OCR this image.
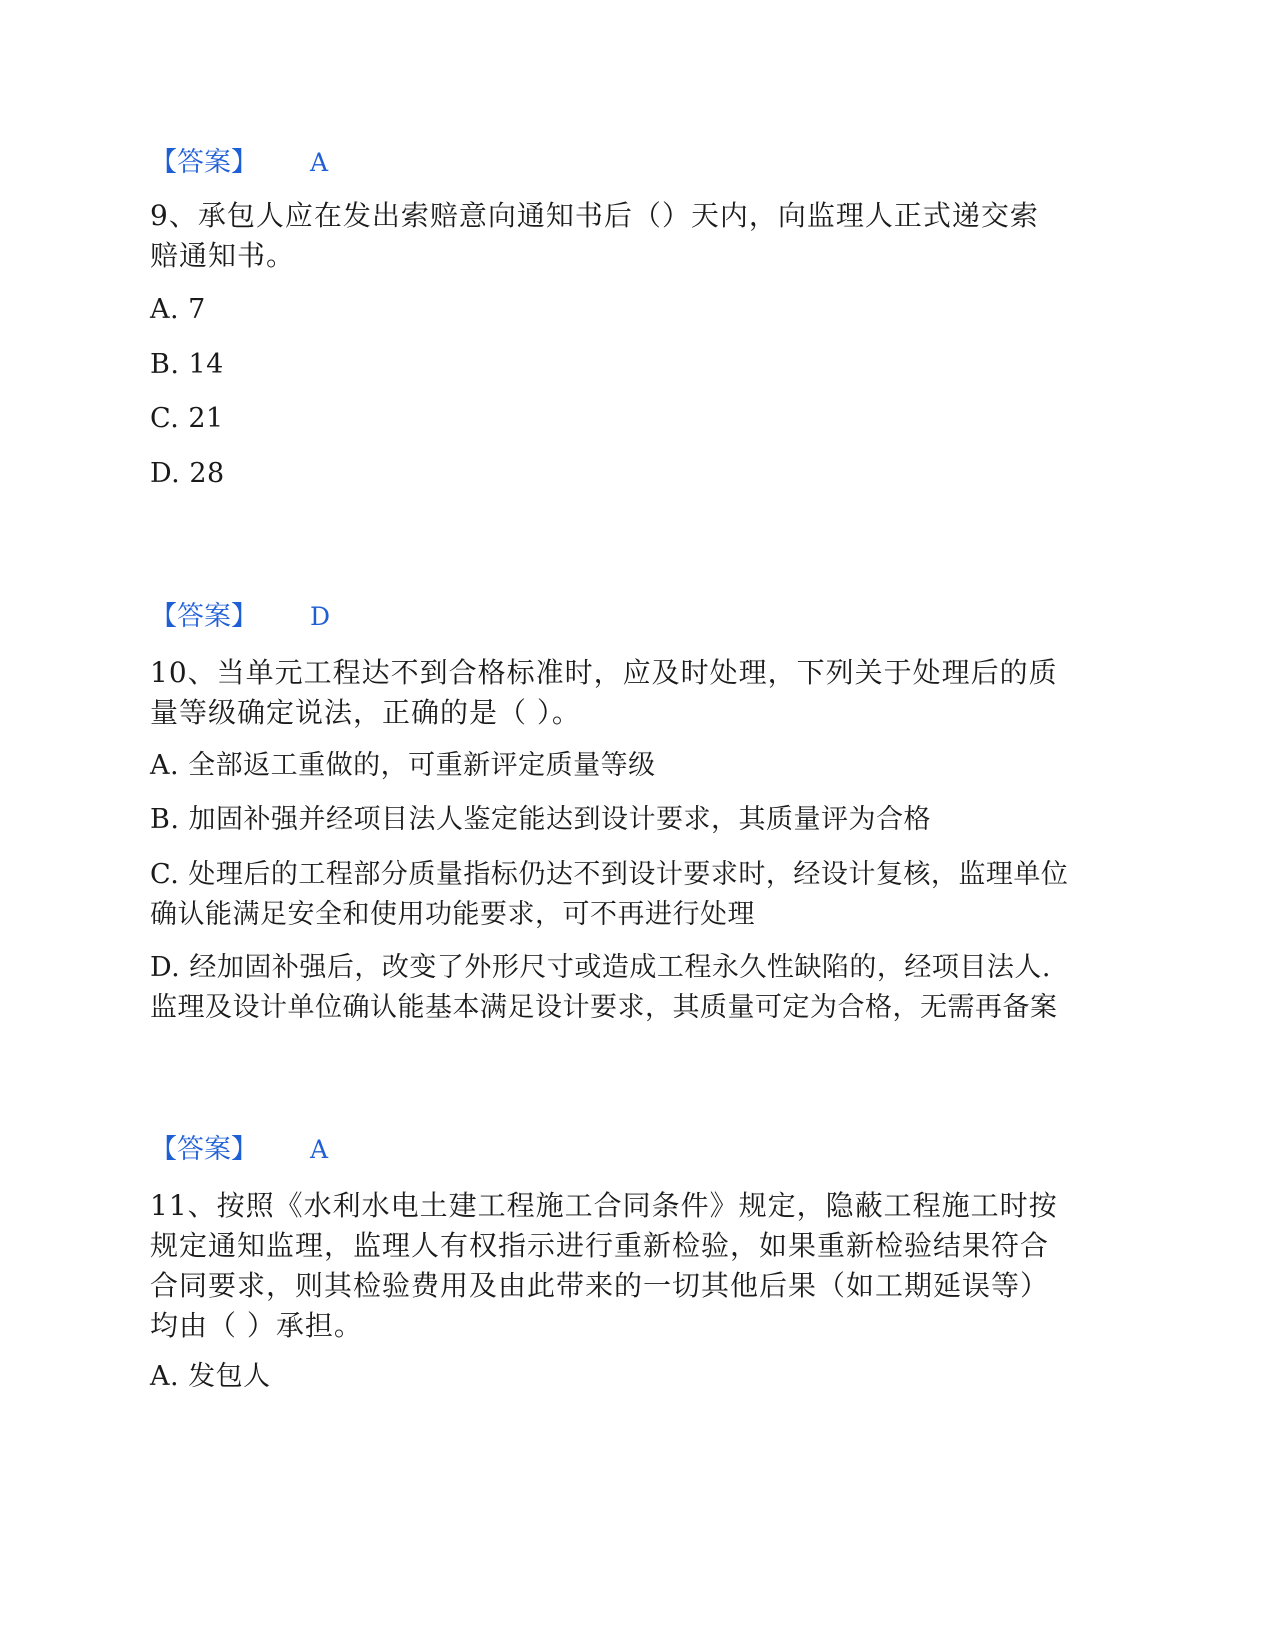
【答案】 A
9、承包人应在发出索赔意向通知书后（）天内，向监理人正式递交索赔通知书。
A. 7
B. 14
C. 21
D. 28
【答案】 D
10、当单元工程达不到合格标准时，应及时处理，下列关于处理后的质量等级确定说法，正确的是（ ）。
A. 全部返工重做的，可重新评定质量等级
B. 加固补强并经项目法人鉴定能达到设计要求，其质量评为合格
C. 处理后的工程部分质量指标仍达不到设计要求时，经设计复核，监理单位确认能满足安全和使用功能要求，可不再进行处理
D. 经加固补强后，改变了外形尺寸或造成工程永久性缺陷的，经项目法人.监理及设计单位确认能基本满足设计要求，其质量可定为合格，无需再备案
【答案】 A
11、按照《水利水电土建工程施工合同条件》规定，隐蔽工程施工时按规定通知监理，监理人有权指示进行重新检验，如果重新检验结果符合合同要求，则其检验费用及由此带来的一切其他后果（如工期延误等）均由（ ）承担。
A. 发包人
